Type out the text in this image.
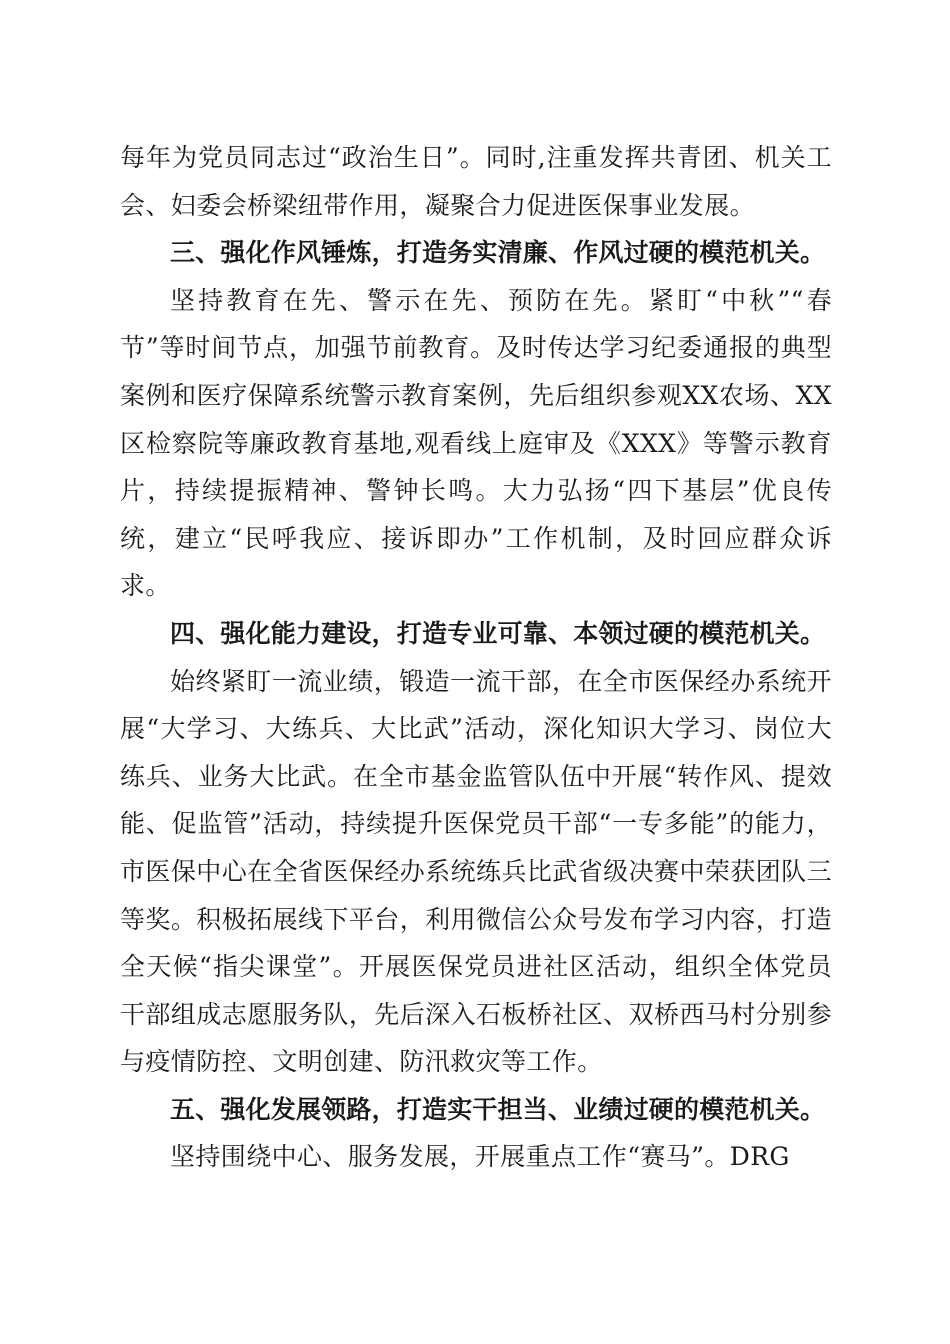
每年为党员同志过“政治生日”。同时,注重发挥共青团、机关工会、妇委会桥梁纽带作用，凝聚合力促进医保事业发展。

三、强化作风锤炼，打造务实清廉、作风过硬的模范机关。

坚持教育在先、警示在先、预防在先。紧盯“中秋”“春节”等时间节点，加强节前教育。及时传达学习纪委通报的典型案例和医疗保障系统警示教育案例，先后组织参观XX农场、XX区检察院等廉政教育基地,观看线上庭审及《XXX》等警示教育片，持续提振精神、警钟长鸣。大力弘扬“四下基层”优良传统，建立“民呼我应、接诉即办”工作机制，及时回应群众诉求。

四、强化能力建设，打造专业可靠、本领过硬的模范机关。

始终紧盯一流业绩，锻造一流干部，在全市医保经办系统开展“大学习、大练兵、大比武”活动，深化知识大学习、岗位大练兵、业务大比武。在全市基金监管队伍中开展“转作风、提效能、促监管”活动，持续提升医保党员干部“一专多能”的能力，市医保中心在全省医保经办系统练兵比武省级决赛中荣获团队三等奖。积极拓展线下平台，利用微信公众号发布学习内容，打造全天候“指尖课堂”。开展医保党员进社区活动，组织全体党员干部组成志愿服务队，先后深入石板桥社区、双桥西马村分别参与疫情防控、文明创建、防汛救灾等工作。

五、强化发展领路，打造实干担当、业绩过硬的模范机关。

坚持围绕中心、服务发展，开展重点工作“赛马”。DRG
